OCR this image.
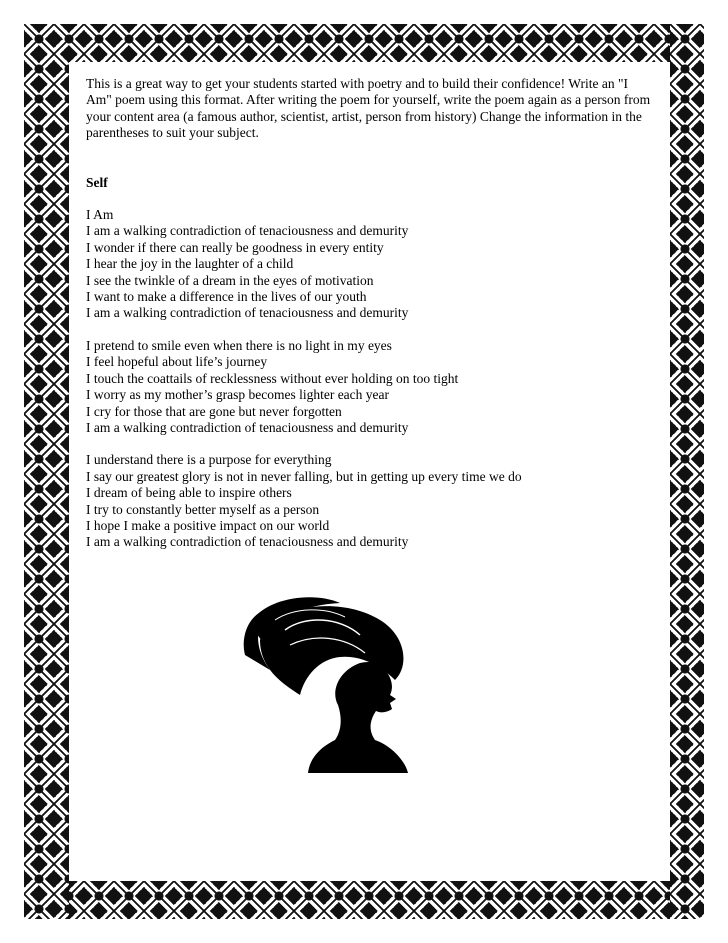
This is a great way to get your students started with poetry and to build their confidence! Write an "I Am" poem using this format. After writing the poem for yourself, write the poem again as a person from your content area (a famous author, scientist, artist, person from history) Change the information in the parentheses to suit your subject.

Self

I Am
I am a walking contradiction of tenaciousness and demurity
I wonder if there can really be goodness in every entity
I hear the joy in the laughter of a child
I see the twinkle of a dream in the eyes of motivation
I want to make a difference in the lives of our youth
I am a walking contradiction of tenaciousness and demurity
I pretend to smile even when there is no light in my eyes
I feel hopeful about life’s journey
I touch the coattails of recklessness without ever holding on too tight
I worry as my mother’s grasp becomes lighter each year
I cry for those that are gone but never forgotten
I am a walking contradiction of tenaciousness and demurity
I understand there is a purpose for everything
I say our greatest glory is not in never falling, but in getting up every time we do
I dream of being able to inspire others
I try to constantly better myself as a person
I hope I make a positive impact on our world
I am a walking contradiction of tenaciousness and demurity
